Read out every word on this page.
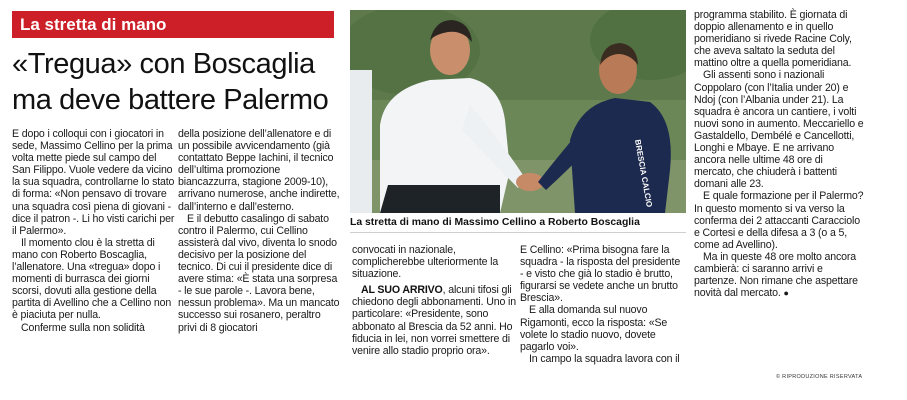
La stretta di mano
«Tregua» con Boscaglia
ma deve battere Palermo

E dopo i colloqui con i giocatori in sede, Massimo Cellino per la prima volta mette piede sul campo del San Filippo. Vuole vedere da vicino la sua squadra, controllarne lo stato di forma: «Non pensavo di trovare una squadra così piena di giovani - dice il patron -. Li ho visti carichi per il Palermo».

Il momento clou è la stretta di mano con Roberto Boscaglia, l’allenatore. Una «tregua» dopo i momenti di burrasca dei giorni scorsi, dovuti alla gestione della partita di Avellino che a Cellino non è piaciuta per nulla.

Conferme sulla non solidità

della posizione dell’allenatore e di un possibile avvicendamento (già contattato Beppe Iachini, il tecnico dell’ultima promozione biancazzurra, stagione 2009-10), arrivano numerose, anche indirette, dall’interno e dall’esterno.

E il debutto casalingo di sabato contro il Palermo, cui Cellino assisterà dal vivo, diventa lo snodo decisivo per la posizione del tecnico. Di cui il presidente dice di avere stima: «È stata una sorpresa - le sue parole -. Lavora bene, nessun problema». Ma un mancato successo sui rosanero, peraltro privi di 8 giocatori

BRESCIA CALCIO
La stretta di mano di Massimo Cellino a Roberto Boscaglia

convocati in nazionale, complicherebbe ulteriormente la situazione.

AL SUO ARRIVO, alcuni tifosi gli chiedono degli abbonamenti. Uno in particolare: «Presidente, sono abbonato al Brescia da 52 anni. Ho fiducia in lei, non vorrei smettere di venire allo stadio proprio ora».

E Cellino: «Prima bisogna fare la squadra - la risposta del presidente - e visto che già lo stadio è brutto, figurarsi se vedete anche un brutto Brescia».

E alla domanda sul nuovo Rigamonti, ecco la risposta: «Se volete lo stadio nuovo, dovete pagarlo voi».

In campo la squadra lavora con il

programma stabilito. È giornata di doppio allenamento e in quello pomeridiano si rivede Racine Coly, che aveva saltato la seduta del mattino oltre a quella pomeridiana.

Gli assenti sono i nazionali Coppolaro (con l’Italia under 20) e Ndoj (con l’Albania under 21). La squadra è ancora un cantiere, i volti nuovi sono in aumento. Meccariello e Gastaldello, Dembélé e Cancellotti, Longhi e Mbaye. E ne arrivano ancora nelle ultime 48 ore di mercato, che chiuderà i battenti domani alle 23.

E quale formazione per il Palermo? In questo momento si va verso la conferma dei 2 attaccanti Caracciolo e Cortesi e della difesa a 3 (o a 5, come ad Avellino).

Ma in queste 48 ore molto ancora cambierà: ci saranno arrivi e partenze. Non rimane che aspettare novità dal mercato. ●

© RIPRODUZIONE RISERVATA
